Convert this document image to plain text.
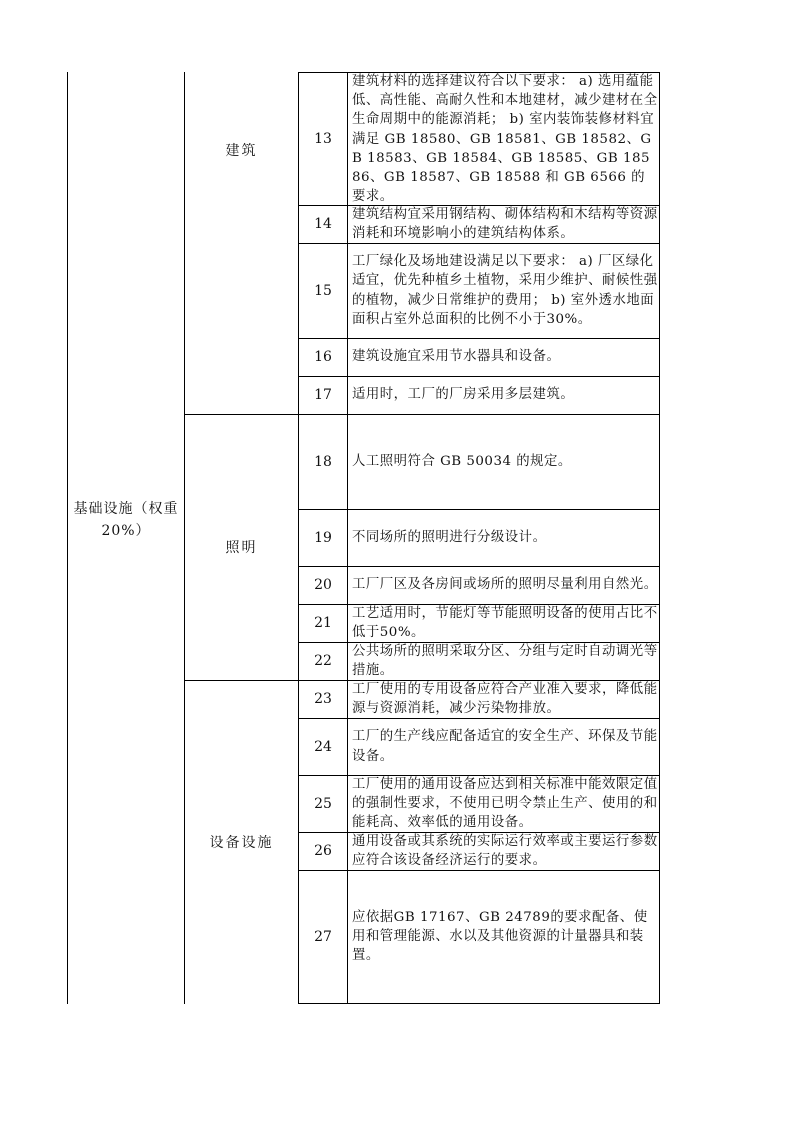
基础设施（权重20%）
建筑
照明
设备设施
13
14
15
16
17
18
19
20
21
22
23
24
25
26
27
建筑材料的选择建议符合以下要求： a) 选用蕴能低、高性能、高耐久性和本地建材，减少建材在全生命周期中的能源消耗； b) 室内装饰装修材料宜满足 GB 18580、GB 18581、GB 18582、GB 18583、GB 18584、GB 18585、GB 18586、GB 18587、GB 18588 和 GB 6566 的要求。
建筑结构宜采用钢结构、砌体结构和木结构等资源消耗和环境影响小的建筑结构体系。
工厂绿化及场地建设满足以下要求： a) 厂区绿化适宜，优先种植乡土植物，采用少维护、耐候性强的植物，减少日常维护的费用； b) 室外透水地面面积占室外总面积的比例不小于30%。
建筑设施宜采用节水器具和设备。
适用时，工厂的厂房采用多层建筑。
人工照明符合 GB 50034 的规定。
不同场所的照明进行分级设计。
工厂厂区及各房间或场所的照明尽量利用自然光。
工艺适用时，节能灯等节能照明设备的使用占比不低于50%。
公共场所的照明采取分区、分组与定时自动调光等措施。
工厂使用的专用设备应符合产业准入要求，降低能源与资源消耗，减少污染物排放。
工厂的生产线应配备适宜的安全生产、环保及节能设备。
工厂使用的通用设备应达到相关标准中能效限定值的强制性要求，不使用已明令禁止生产、使用的和能耗高、效率低的通用设备。
通用设备或其系统的实际运行效率或主要运行参数应符合该设备经济运行的要求。
应依据GB 17167、GB 24789的要求配备、使用和管理能源、水以及其他资源的计量器具和装置。
